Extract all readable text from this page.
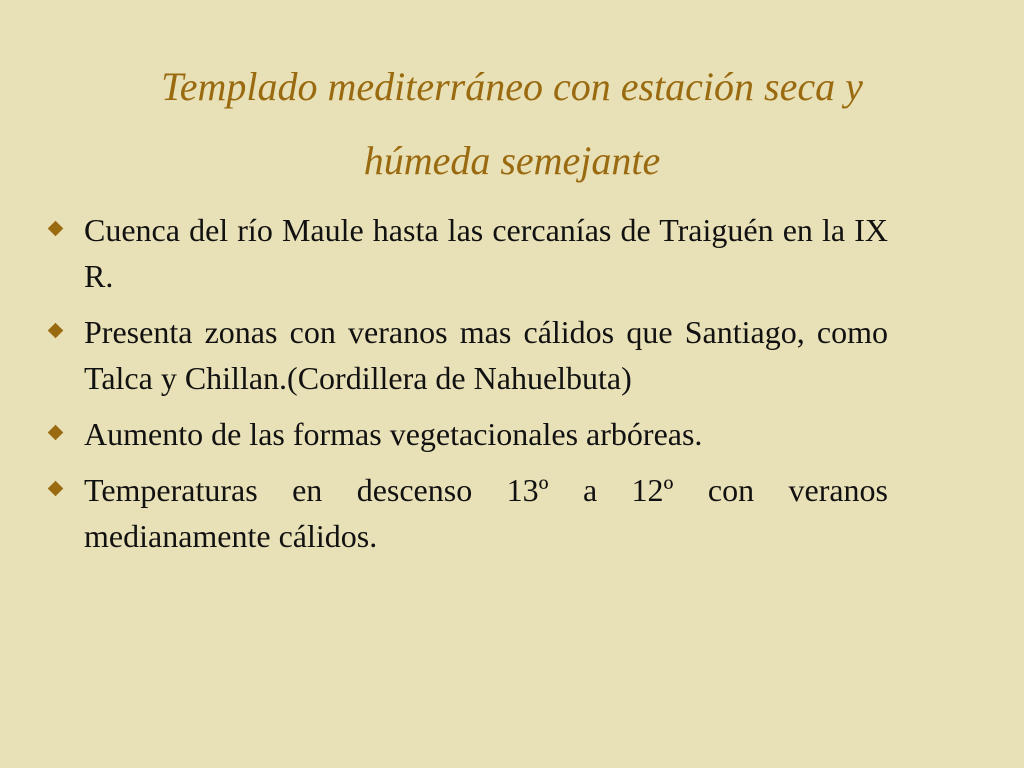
Templado mediterráneo con estación seca y
húmeda semejante
Cuenca del río Maule hasta las cercanías de Traiguén en la IX R.
Presenta zonas con veranos mas cálidos que Santiago, como Talca y Chillan.(Cordillera de Nahuelbuta)
Aumento de las formas vegetacionales arbóreas.
Temperaturas en descenso 13º a 12º con veranos medianamente cálidos.
